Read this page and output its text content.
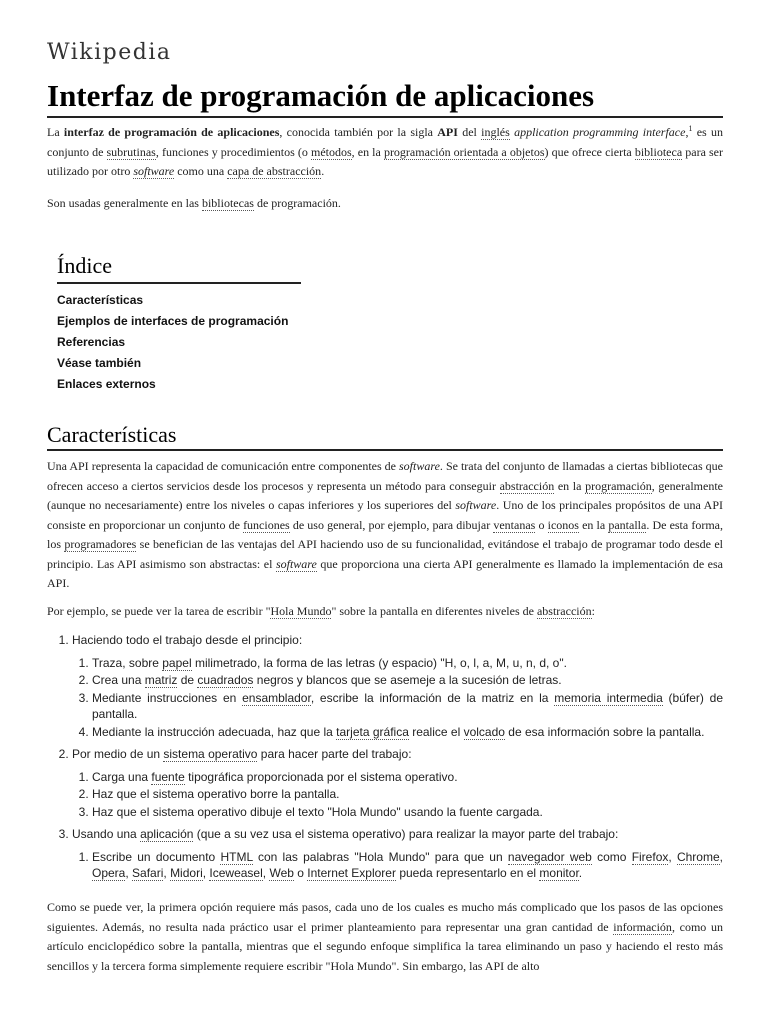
Wikipedia
Interfaz de programación de aplicaciones

La interfaz de programación de aplicaciones, conocida también por la sigla API del inglés application programming interface,$^1$ es un conjunto de subrutinas, funciones y procedimientos (o métodos, en la programación orientada a objetos) que ofrece cierta biblioteca para ser utilizado por otro software como una capa de abstracción.

Son usadas generalmente en las bibliotecas de programación.

Índice
Características
Ejemplos de interfaces de programación
Referencias
Véase también
Enlaces externos
Características

Una API representa la capacidad de comunicación entre componentes de software. Se trata del conjunto de llamadas a ciertas bibliotecas que ofrecen acceso a ciertos servicios desde los procesos y representa un método para conseguir abstracción en la programación, generalmente (aunque no necesariamente) entre los niveles o capas inferiores y los superiores del software. Uno de los principales propósitos de una API consiste en proporcionar un conjunto de funciones de uso general, por ejemplo, para dibujar ventanas o iconos en la pantalla. De esta forma, los programadores se benefician de las ventajas del API haciendo uso de su funcionalidad, evitándose el trabajo de programar todo desde el principio. Las API asimismo son abstractas: el software que proporciona una cierta API generalmente es llamado la implementación de esa API.

Por ejemplo, se puede ver la tarea de escribir "Hola Mundo" sobre la pantalla en diferentes niveles de abstracción:

1. Haciendo todo el trabajo desde el principio:
1. Traza, sobre papel milimetrado, la forma de las letras (y espacio) "H, o, l, a, M, u, n, d, o".
2. Crea una matriz de cuadrados negros y blancos que se asemeje a la sucesión de letras.
3. Mediante instrucciones en ensamblador, escribe la información de la matriz en la memoria intermedia (búfer) de pantalla.
4. Mediante la instrucción adecuada, haz que la tarjeta gráfica realice el volcado de esa información sobre la pantalla.
2. Por medio de un sistema operativo para hacer parte del trabajo:
1. Carga una fuente tipográfica proporcionada por el sistema operativo.
2. Haz que el sistema operativo borre la pantalla.
3. Haz que el sistema operativo dibuje el texto "Hola Mundo" usando la fuente cargada.
3. Usando una aplicación (que a su vez usa el sistema operativo) para realizar la mayor parte del trabajo:
1. Escribe un documento HTML con las palabras "Hola Mundo" para que un navegador web como Firefox, Chrome, Opera, Safari, Midori, Iceweasel, Web o Internet Explorer pueda representarlo en el monitor.

Como se puede ver, la primera opción requiere más pasos, cada uno de los cuales es mucho más complicado que los pasos de las opciones siguientes. Además, no resulta nada práctico usar el primer planteamiento para representar una gran cantidad de información, como un artículo enciclopédico sobre la pantalla, mientras que el segundo enfoque simplifica la tarea eliminando un paso y haciendo el resto más sencillos y la tercera forma simplemente requiere escribir "Hola Mundo". Sin embargo, las API de alto
